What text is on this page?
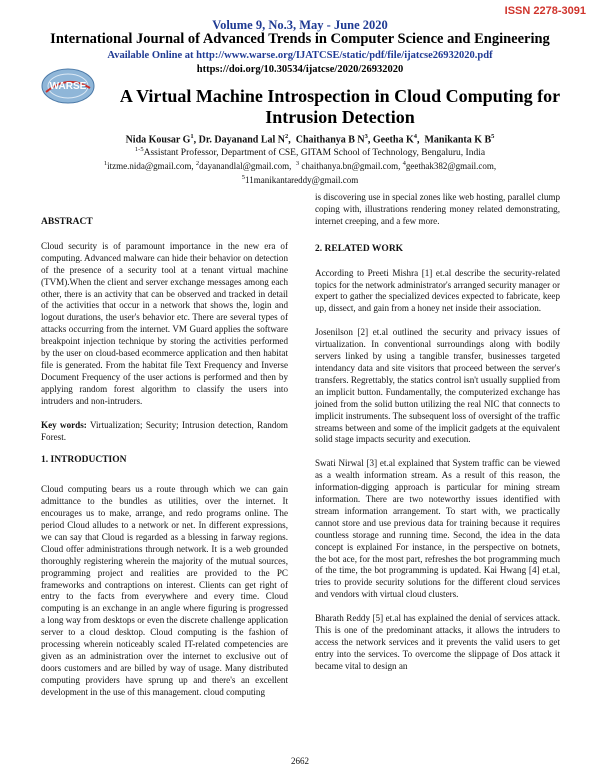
ISSN 2278-3091
Volume 9, No.3, May - June 2020
International Journal of Advanced Trends in Computer Science and Engineering
Available Online at http://www.warse.org/IJATCSE/static/pdf/file/ijatcse26932020.pdf
https://doi.org/10.30534/ijatcse/2020/26932020
WARSE	A Virtual Machine Introspection in Cloud Computing for Intrusion Detection
Nida Kousar $G^1$, Dr. Dayanand Lal $N^2$,  Chaithanya B $N^3$, Geetha $K^4$,  Manikanta K $B^5$
$^{1-5}$Assistant Professor, Department of CSE, GITAM School of Technology, Bengaluru, India
$^1$itzme.nida@gmail.com, $^2$dayanandlal@gmail.com,  $^3$ chaithanya.bn@gmail.com, $^4$geethak382@gmail.com,
$^5$11manikantareddy@gmail.com
ABSTRACT

Cloud security is of paramount importance in the new era of computing. Advanced malware can hide their behavior on detection of the presence of a security tool at a tenant virtual machine (TVM).When the client and server exchange messages among each other, there is an activity that can be observed and tracked in detail of the activities that occur in a network that shows the, login and logout durations, the user's behavior etc. There are several types of attacks occurring from the internet. VM Guard applies the software breakpoint injection technique by storing the activities performed by the user on cloud-based ecommerce application and then habitat file is generated. From the habitat file Text Frequency and Inverse Document Frequency of the user actions is performed and then by applying random forest algorithm to classify the users into intruders and non-intruders.

Key words: Virtualization; Security; Intrusion detection, Random Forest.

1. INTRODUCTION

Cloud computing bears us a route through which we can gain admittance to the bundles as utilities, over the internet. It encourages us to make, arrange, and redo programs online. The period Cloud alludes to a network or net. In different expressions, we can say that Cloud is regarded as a blessing in farway regions. Cloud offer administrations through network. It is a web grounded thoroughly registering wherein the majority of the mutual sources, programming project and realities are provided to the PC frameworks and contraptions on interest. Clients can get right of entry to the facts from everywhere and every time. Cloud computing is an exchange in an angle where figuring is progressed a long way from desktops or even the discrete challenge application server to a cloud desktop. Cloud computing is the fashion of processing wherein noticeably scaled IT-related competencies are given as an administration over the internet to exclusive out of doors customers and are billed by way of usage. Many distributed computing providers have sprung up and there's an excellent development in the use of this management. cloud computing

is discovering use in special zones like web hosting, parallel clump coping with, illustrations rendering money related demonstrating, internet creeping, and a few more.

2. RELATED WORK

According to Preeti Mishra [1] et.al describe the security-related topics for the network administrator's arranged security manager or expert to gather the specialized devices expected to fabricate, keep up, dissect, and gain from a honey net inside their association.

Josenilson [2] et.al outlined the security and privacy issues of virtualization. In conventional surroundings along with bodily servers linked by using a tangible transfer, businesses targeted intendancy data and site visitors that proceed between the server's transfers. Regrettably, the statics control isn't usually supplied from an implicit button. Fundamentally, the computerized exchange has joined from the solid button utilizing the real NIC that connects to implicit instruments. The subsequent loss of oversight of the traffic streams between and some of the implicit gadgets at the equivalent solid stage impacts security and execution.

Swati Nirwal [3] et.al explained that System traffic can be viewed as a wealth information stream. As a result of this reason, the information-digging approach is particular for mining stream information. There are two noteworthy issues identified with stream information arrangement. To start with, we practically cannot store and use previous data for training because it requires countless storage and running time. Second, the idea in the data concept is explained For instance, in the perspective on botnets, the bot ace, for the most part, refreshes the bot programming much of the time, the bot programming is updated. Kai Hwang [4] et.al, tries to provide security solutions for the different cloud services and vendors with virtual cloud clusters.

Bharath Reddy [5] et.al has explained the denial of services attack. This is one of the predominant attacks, it allows the intruders to access the network services and it prevents the valid users to get entry into the services. To overcome the slippage of Dos attack it became vital to design an

2662
